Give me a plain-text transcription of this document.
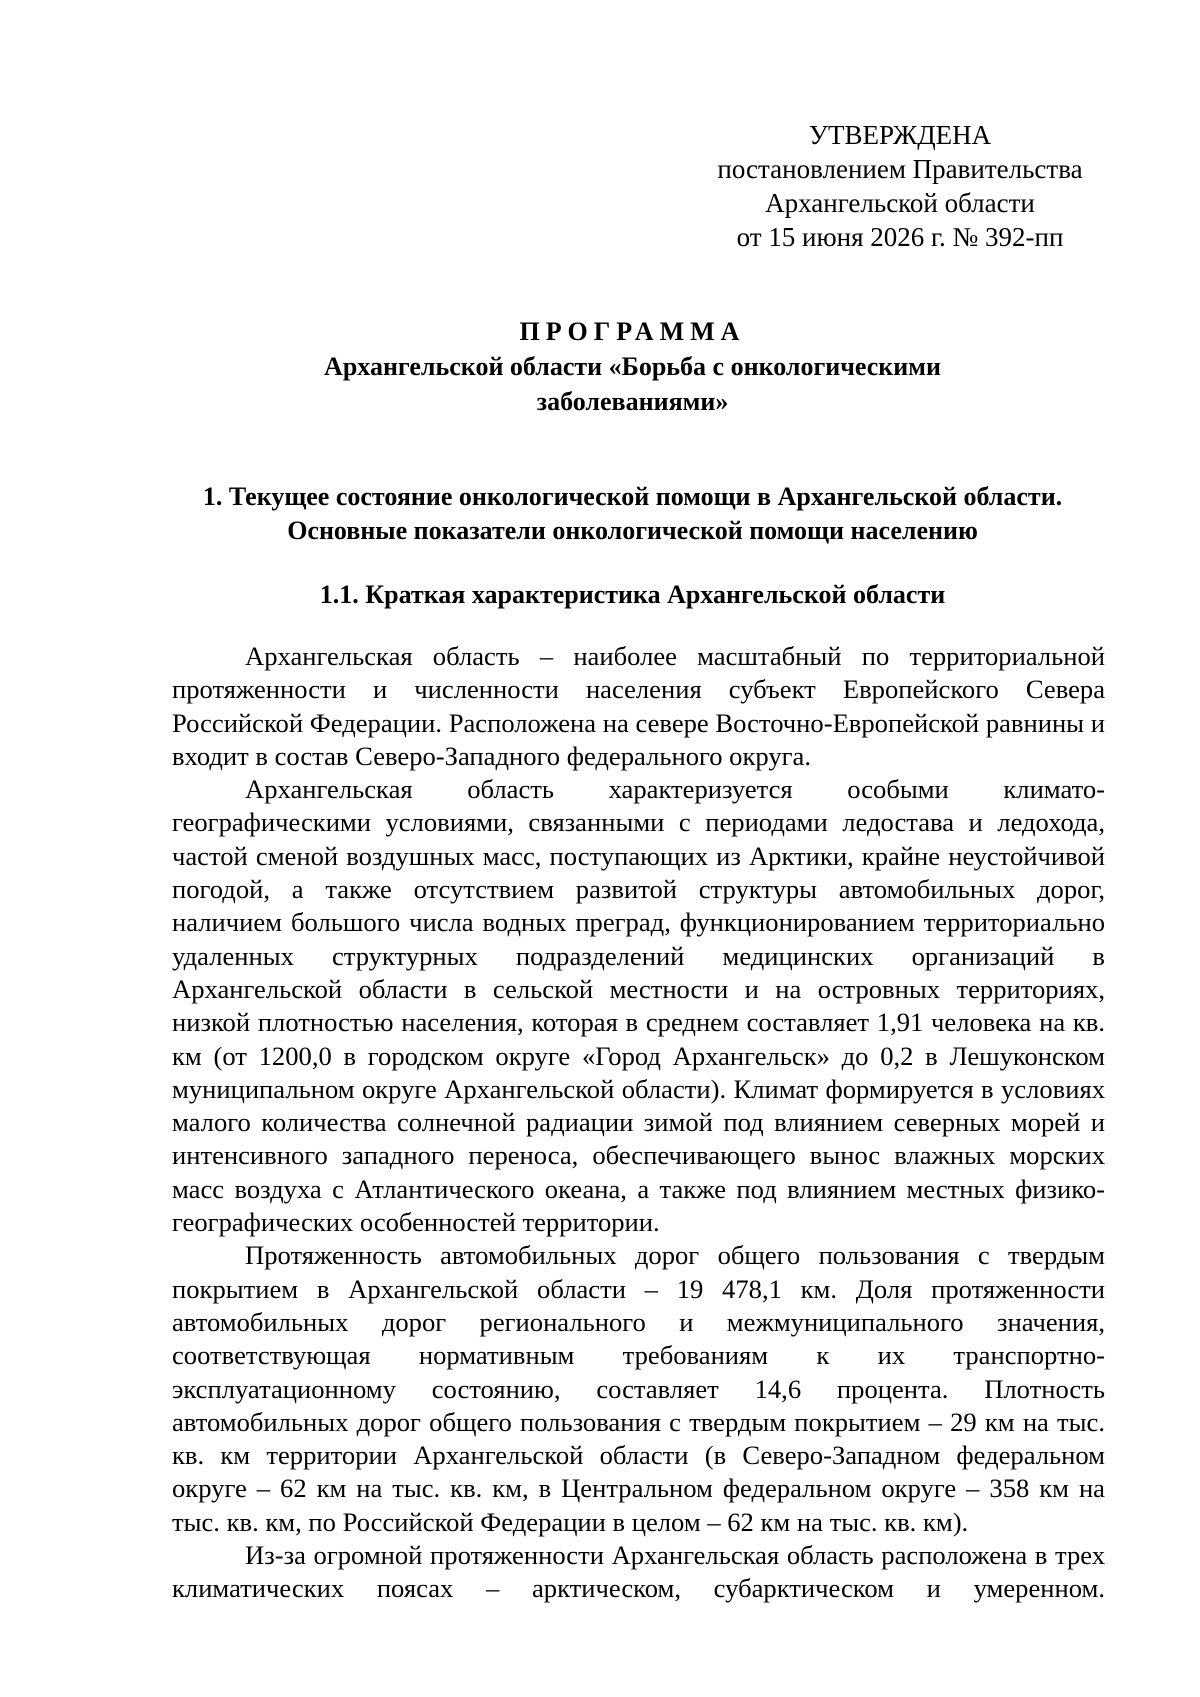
УТВЕРЖДЕНА
постановлением Правительства
Архангельской области
от 15 июня 2026 г. № 392-пп
ПРОГРАММА
Архангельской области «Борьба с онкологическими
заболеваниями»
1. Текущее состояние онкологической помощи в Архангельской области.
Основные показатели онкологической помощи населению
1.1. Краткая характеристика Архангельской области

Архангельская область – наиболее масштабный по территориальной протяженности и численности населения субъект Европейского Севера Российской Федерации. Расположена на севере Восточно-Европейской равнины и входит в состав Северо-Западного федерального округа.

Архангельская область характеризуется особыми климато-географическими условиями, связанными с периодами ледостава и ледохода, частой сменой воздушных масс, поступающих из Арктики, крайне неустойчивой погодой, а также отсутствием развитой структуры автомобильных дорог, наличием большого числа водных преград, функционированием территориально удаленных структурных подразделений медицинских организаций в Архангельской области в сельской местности и на островных территориях, низкой плотностью населения, которая в среднем составляет 1,91 человека на кв. км (от 1200,0 в городском округе «Город Архангельск» до 0,2 в Лешуконском муниципальном округе Архангельской области). Климат формируется в условиях малого количества солнечной радиации зимой под влиянием северных морей и интенсивного западного переноса, обеспечивающего вынос влажных морских масс воздуха с Атлантического океана, а также под влиянием местных физико-географических особенностей территории.

Протяженность автомобильных дорог общего пользования с твердым покрытием в Архангельской области – 19 478,1 км. Доля протяженности автомобильных дорог регионального и межмуниципального значения, соответствующая нормативным требованиям к их транспортно-эксплуатационному состоянию, составляет 14,6 процента. Плотность автомобильных дорог общего пользования с твердым покрытием – 29 км на тыс. кв. км территории Архангельской области (в Северо-Западном федеральном округе – 62 км на тыс. кв. км, в Центральном федеральном округе – 358 км на тыс. кв. км, по Российской Федерации в целом – 62 км на тыс. кв. км).

Из-за огромной протяженности Архангельская область расположена в трех климатических поясах – арктическом, субарктическом и умеренном.
